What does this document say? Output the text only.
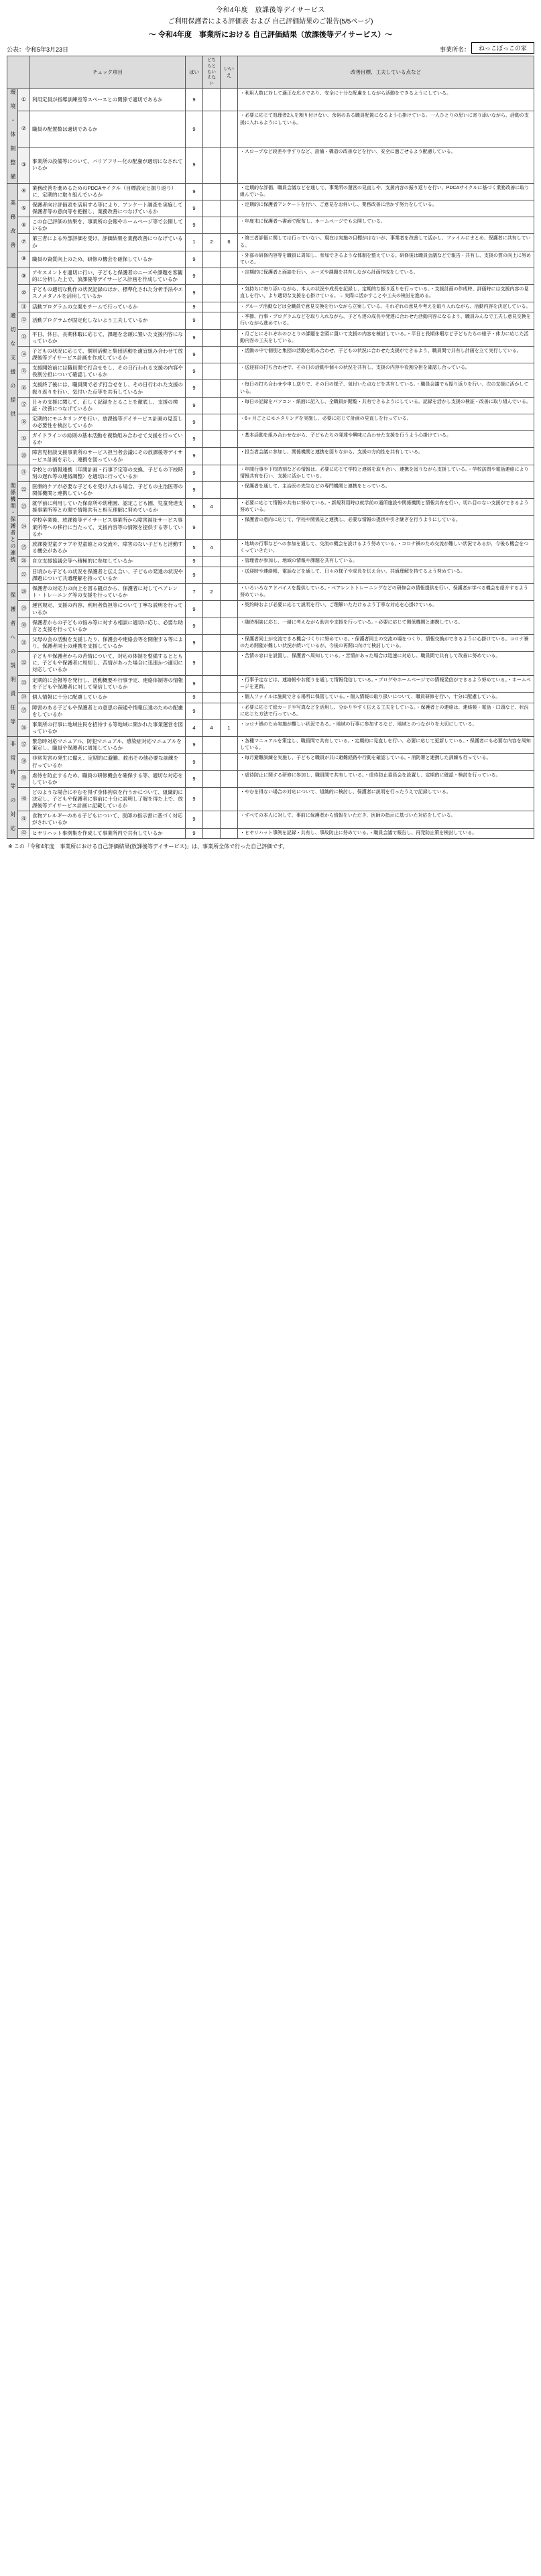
令和4年度　放課後等デイサービス
ご利用保護者による評価表 および 自己評価結果のご報告(5/5ページ)
～ 令和4年度　事業所における 自己評価結果（放課後等デイサービス）～
公表：令和5年3月23日	事業所名：	ねっこぼっこの家
		チェック項目	はい	どちらともいえない	いいえ	改善目標、工夫している点など
環 境 ・ 体 制 整 備	①	利用定員が指導訓練室等スペースとの関係で適切であるか	9			・利用人数に対して適正な広さであり、安全に十分な配慮をしながら活動をできるようにしている。
	②	職員の配置数は適切であるか	9			・必要に応じて処理者2人を割り付けない、余裕のある職員配置になるよう心掛けている。一人ひとりの思いに寄り添いながら、活動の支援に入れるようにしている。
	③	事業所の設備等について、バリアフリー化の配慮が適切になされているか	9			・スロープなど段差や手すりなど、設備・構造の改善などを行い、安全に過ごせるよう配慮している。
業 務 改 善	④	業務改善を進めるためのPDCAサイクル（目標設定と振り返り）に、定期的に取り組んでいるか	9			・定期的な評価、職員会議などを通して、事業所の運営の見直しや、支援内容の振り返りを行い、PDCAサイクルに基づく業務改善に取り組んでいる。
	⑤	保護者向け評価表を活用する等により、アンケート調査を実施して保護者等の意向等を把握し、業務改善につなげているか	9			・定期的に保護者アンケートを行い、ご意見をお伺いし、業務改善に活かす努力をしている。
	⑥	この自己評価の結果を、事業所の会報やホームページ等で公開しているか	9			・年度末に保護者へ書面で配布し、ホームページでも公開している。
	⑦	第三者による外部評価を受け、評価結果を業務改善につなげているか	1	2	6	・第三者評価に関しては行っていない。現在は実施の目標がはないが、事業者を改善して活かし、ファイルにまとめ、保護者に共有している。
	⑧	職員の資質向上のため、研修の機会を確保しているか	9			・外部の研修内容等を職員に周知し、参加できるような体制を整えている。研修後は職員会議などで報告・共有し、支援の質の向上に努めている。
適 切 な 支 援 の 提 供	⑨	アセスメントを適切に行い、子どもと保護者のニーズや課題を客観的に分析した上で、放課後等デイサービス計画を作成しているか	9			・定期的に保護者と面談を行い、ニーズや課題を共有しながら計画作成をしている。
	⑩	子どもの適切な動作の状況記録のほか、標準化された分析手法やエスノメタノルを活用しているか	9			・気持ちに寄り添いながら、本人の状況や成長を記録し、定期的な振り返りを行っている。・支援計画の作成時、評価時には支援内容の見直しを行い、より適切な支援を心掛けている。→ 実際に活かすことや工夫の検討を進める。
	⑪	活動プログラムの立案をチームで行っているか	9			・グループ活動などは全職員で意見交換を行いながら立案している。それぞれの意見や考えを取り入れながら、活動内容を決定している。
	⑫	活動プログラムが固定化しないよう工夫しているか	9			・季節、行事・プログラムなどを取り入れながら、子ども達の成長や発達に合わせた活動内容になるよう、職員みんなで工夫し意見交換を行いながら進めている。
	⑬	平日、休日、長期休暇に応じて、課題を念頭に置いた支援内容になっているか	9			・月ごとにそれぞれのひとりの課題を念頭に置いて支援の内容を検討している。・平日と長期休暇など子どもたちの様子・体力に応じた活動内容の工夫をしている。
	⑭	子どもの状況に応じて、個別活動と集団活動を適宜組み合わせて放課後等デイサービス計画を作成しているか	9			・活動の中で個別と集団の活動を組み合わせ、子どもの状況に合わせた支援ができるよう、職員間で共有し計画を立て実行している。
	⑮	支援開始前には職員間で打合せをし、その日行われる支援の内容や役割分担について確認しているか	9			・送迎前の打ち合わせで、その日の活動や個々の状況を共有し、支援の内容や役割分担を確認し合っている。
	⑯	支援終了後には、職員間で必ず打合せをし、その日行われた支援の振り返りを行い、気付いた点等を共有しているか	9			・毎日の打ち合わせや申し送りで、その日の様子、気付いた点などを共有している。・職員会議でも振り返りを行い、次の支援に活かしている。
	⑰	日々の支援に関して、正しく記録をとることを徹底し、支援の検証・改善につなげているか	9			・毎日の記録をパソコン・紙面に記入し、全職員が閲覧・共有できるようにしている。記録を活かし支援の検証・改善に取り組んでいる。
	⑱	定期的にモニタリングを行い、放課後等デイサービス計画の見直しの必要性を検討しているか	9			・6ヶ月ごとにモニタリングを実施し、必要に応じて計画の見直しを行っている。
	⑲	ガイドラインの総則の基本活動を複数組み合わせて支援を行っているか	9			・基本活動を組み合わせながら、子どもたちの発達や興味に合わせた支援を行うよう心掛けている。
	⑳	障害児相談支援事業所のサービス担当者会議にその放課後等デイサービス計画を示し、連携を図っているか	9			・担当者会議に参加し、関係機関と連携を図りながら、支援の方向性を共有している。
関係機関・保護者との連携	㉑	学校との情報連携（年間計画・行事予定等の交換、子どもの下校時刻の遅れ等の連絡調整）を適切に行っているか	9			・年間行事や下校時刻などの情報は、必要に応じて学校と連絡を取り合い、連携を図りながら支援している。・学校訪問や電話連絡により情報共有を行い、支援に活かしている。
	㉒	医療的ケアが必要な子どもを受け入れる場合、子どもの主治医等の関係機関と連携しているか	9			・保護者を通して、主治医の先生などの専門機関と連携をとっている。
	㉓	就学前に利用していた保育所や幼稚園、認定こども園、児童発達支援事業所等との間で情報共有と相互理解に努めているか	5	4		・必要に応じて情報の共有に努めている。・新規利用時は就学前の通所施設や関係機関と情報共有を行い、切れ目のない支援ができるよう努めている。
	㉔	学校卒業後、放課後等デイサービス事業所から障害福祉サービス事業所等への移行に当たって、支援内容等の情報を提供する等しているか	9			・保護者の意向に応じて、学校や関係先と連携し、必要な情報の提供や引き継ぎを行うようにしている。
	㉕	放課後児童クラブや児童館との交流や、障害のない子どもと活動する機会があるか	5	4		・地域の行事などへの参加を通して、交流の機会を設けるよう努めている。・コロナ禍のため交流が難しい状況であるが、今後も機会をつくっていきたい。
	㉖	自立支援協議会等へ積極的に参加しているか	9			・管理者が参加し、地域の情報や課題を共有している。
	㉗	日頃から子どもの状況を保護者と伝え合い、子どもの発達の状況や課題について共通理解を持っているか	9			・送迎時や連絡帳、電話などを通して、日々の様子や成長を伝え合い、共通理解を持てるよう努めている。
保 護 者 へ の 説 明 責 任 等	㉘	保護者の対応力の向上を図る観点から、保護者に対してペアレント・トレーニング等の支援を行っているか	7	2		・いろいろなアドバイスを提供している。・ペアレントトレーニングなどの研修会の情報提供を行い、保護者が学べる機会を紹介するよう努めている。
	㉙	運営規定、支援の内容、利用者負担等について丁寧な説明を行っているか	9			・契約時および必要に応じて説明を行い、ご理解いただけるよう丁寧な対応を心掛けている。
	㉚	保護者からの子どもの悩み等に対する相談に適切に応じ、必要な助言と支援を行っているか	9			・随時相談に応じ、一緒に考えながら助言や支援を行っている。・必要に応じて関係機関と連携している。
	㉛	父母の会の活動を支援したり、保護会や連絡会等を開催する等により、保護者同士の連携を支援しているか	9			・保護者同士が交流できる機会づくりに努めている。・保護者同士の交流の場をつくり、情報交換ができるように心掛けている。コロナ禍のため開催が難しい状況が続いているが、今後の再開に向けて検討している。
	㉜	子どもや保護者からの苦情について、対応の体制を整備するとともに、子どもや保護者に周知し、苦情があった場合に迅速かつ適切に対応しているか	9			・苦情の窓口を設置し、保護者へ周知している。・苦情があった場合は迅速に対応し、職員間で共有して改善に努めている。
	㉝	定期的に会報等を発行し、活動概要や行事予定、連絡体制等の情報を子どもや保護者に対して発信しているか	9			・行事予定などは、連絡帳やお便りを通して情報発信している。・ブログやホームページでの情報発信ができるよう努めている。・ホームページを更新。
	㉞	個人情報に十分に配慮しているか	9			・個人ファイルは施錠できる場所に保管している。・個人情報の取り扱いについて、職員研修を行い、十分に配慮している。
	㉟	障害のある子どもや保護者との意思の疎通や情報伝達のための配慮をしているか	9			・必要に応じて絵カードや写真などを活用し、分かりやすく伝える工夫をしている。・保護者との連絡は、連絡帳・電話・口頭など、状況に応じた方法で行っている。
	㊱	事業所の行事に地域住民を招待する等地域に開かれた事業運営を図っているか	4	4	1	・コロナ禍のため実施が難しい状況である。・地域の行事に参加するなど、地域とのつながりを大切にしている。
非 常 時 等 の 対 応	㊲	緊急時対応マニュアル、防犯マニュアル、感染症対応マニュアルを策定し、職員や保護者に周知しているか	9			・各種マニュアルを策定し、職員間で共有している。・定期的に見直しを行い、必要に応じて更新している。・保護者にも必要な内容を周知している。
	㊳	非常災害の発生に備え、定期的に避難、救出その他必要な訓練を行っているか	9			・毎月避難訓練を実施し、子どもと職員が共に避難経路や行動を確認している。・消防署と連携した訓練も行っている。
	㊴	虐待を防止するため、職員の研修機会を確保する等、適切な対応をしているか	9			・虐待防止に関する研修に参加し、職員間で共有している。・虐待防止委員会を設置し、定期的に確認・検討を行っている。
	㊵	どのような場合にやむを得ず身体拘束を行うかについて、組織的に決定し、子どもや保護者に事前に十分に説明し了解を得た上で、放課後等デイサービス計画に記載しているか	9			・やむを得ない場合の対応について、組織的に検討し、保護者に説明を行ったうえで記録している。
	㊶	食物アレルギーのある子どもについて、医師の指示書に基づく対応がされているか	9			・すべての本人に対して、事前に保護者から情報をいただき、医師の指示に基づいた対応をしている。
	㊷	ヒヤリハット事例集を作成して事業所内で共有しているか	9			・ヒヤリハット事例を記録・共有し、事故防止に努めている。・職員会議で報告し、再発防止策を検討している。
※ この「令和4年度　事業所における自己評価結果(放課後等デイサービス)」は、事業所全体で行った自己評価です。
